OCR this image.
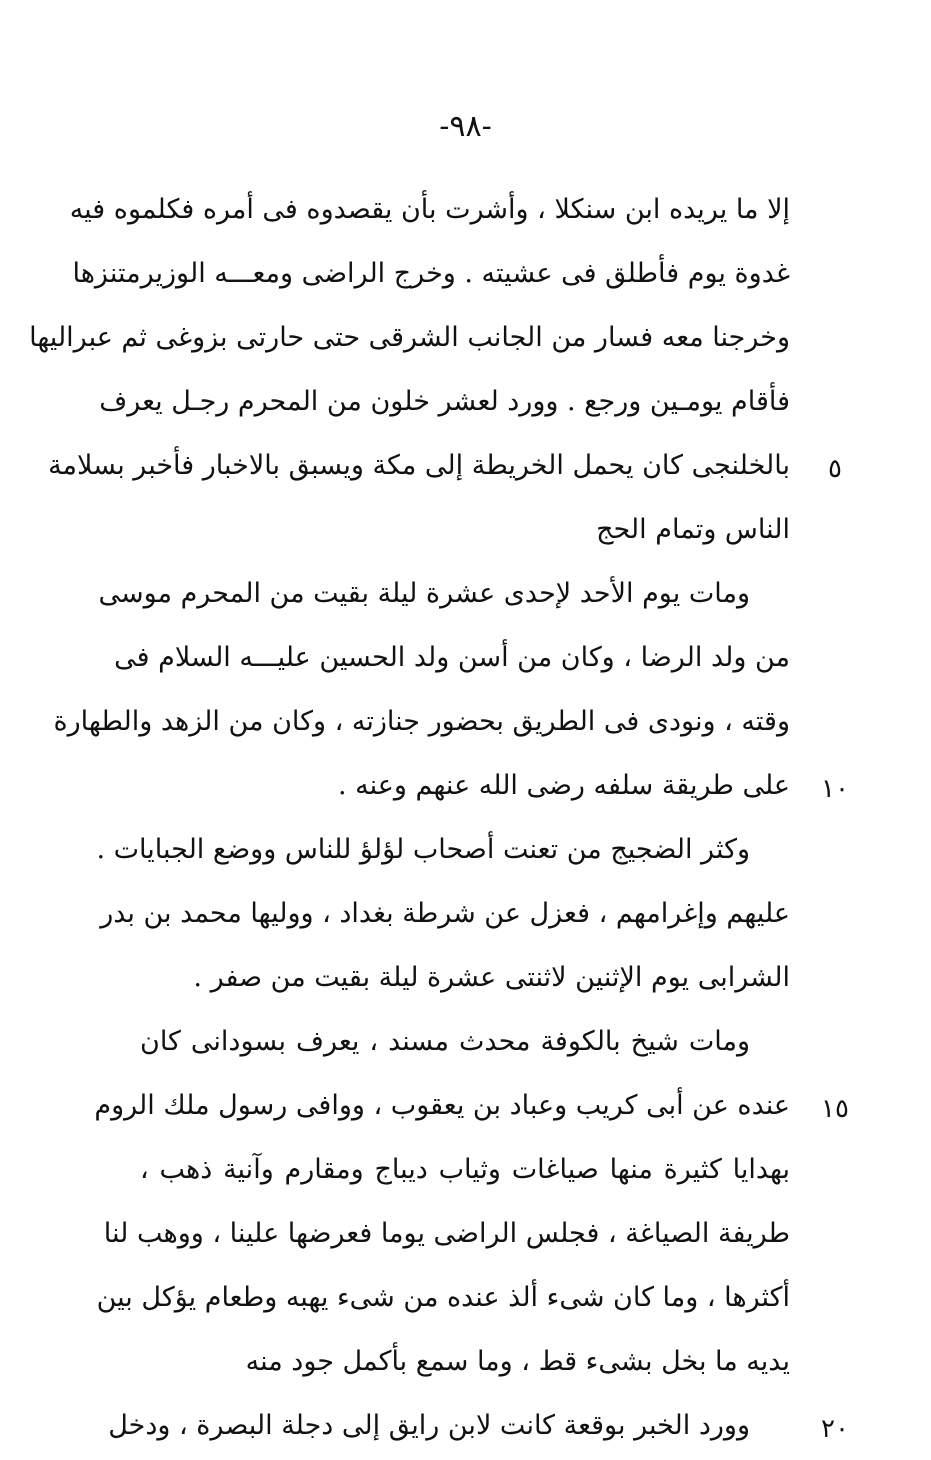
-٩٨-
إلا ما يريده ابن سنكلا ، وأشرت بأن يقصدوه فى أمره فكلموه فيه
غدوة يوم فأطلق فى عشيته . وخرج الراضى ومعـــه الوزيرمتنزها
وخرجنا معه فسار من الجانب الشرقى حتى حارتى بزوغى ثم عبراليها
فأقام يومـين ورجع . وورد لعشر خلون من المحرم رجـل يعرف
بالخلنجى كان يحمل الخريطة إلى مكة ويسبق بالاخبار فأخبر بسلامة
الناس وتمام الحج
ومات يوم الأحد لإحدى عشرة ليلة بقيت من المحرم موسى
من ولد الرضا ، وكان من أسن ولد الحسين عليـــه السلام فى
وقته ، ونودى فى الطريق بحضور جنازته ، وكان من الزهد والطهارة
على طريقة سلفه رضى الله عنهم وعنه .
وكثر الضجيج من تعنت أصحاب لؤلؤ للناس ووضع الجبايات .
عليهم وإغرامهم ، فعزل عن شرطة بغداد ، ووليها محمد بن بدر
الشرابى يوم الإثنين لاثنتى عشرة ليلة بقيت من صفر .
ومات شيخ بالكوفة محدث مسند ، يعرف بسودانى كان
عنده عن أبى كريب وعباد بن يعقوب ، ووافى رسول ملك الروم
بهدايا كثيرة منها صياغات وثياب ديباج ومقارم وآنية ذهب ،
طريفة الصياغة ، فجلس الراضى يوما فعرضها علينا ، ووهب لنا
أكثرها ، وما كان شىء ألذ عنده من شىء يهبه وطعام يؤكل بين
يديه ما بخل بشىء قط ، وما سمع بأكمل جود منه
وورد الخبر بوقعة كانت لابن رايق إلى دجلة البصرة ، ودخل
٥
١٠
١٥
٢٠
